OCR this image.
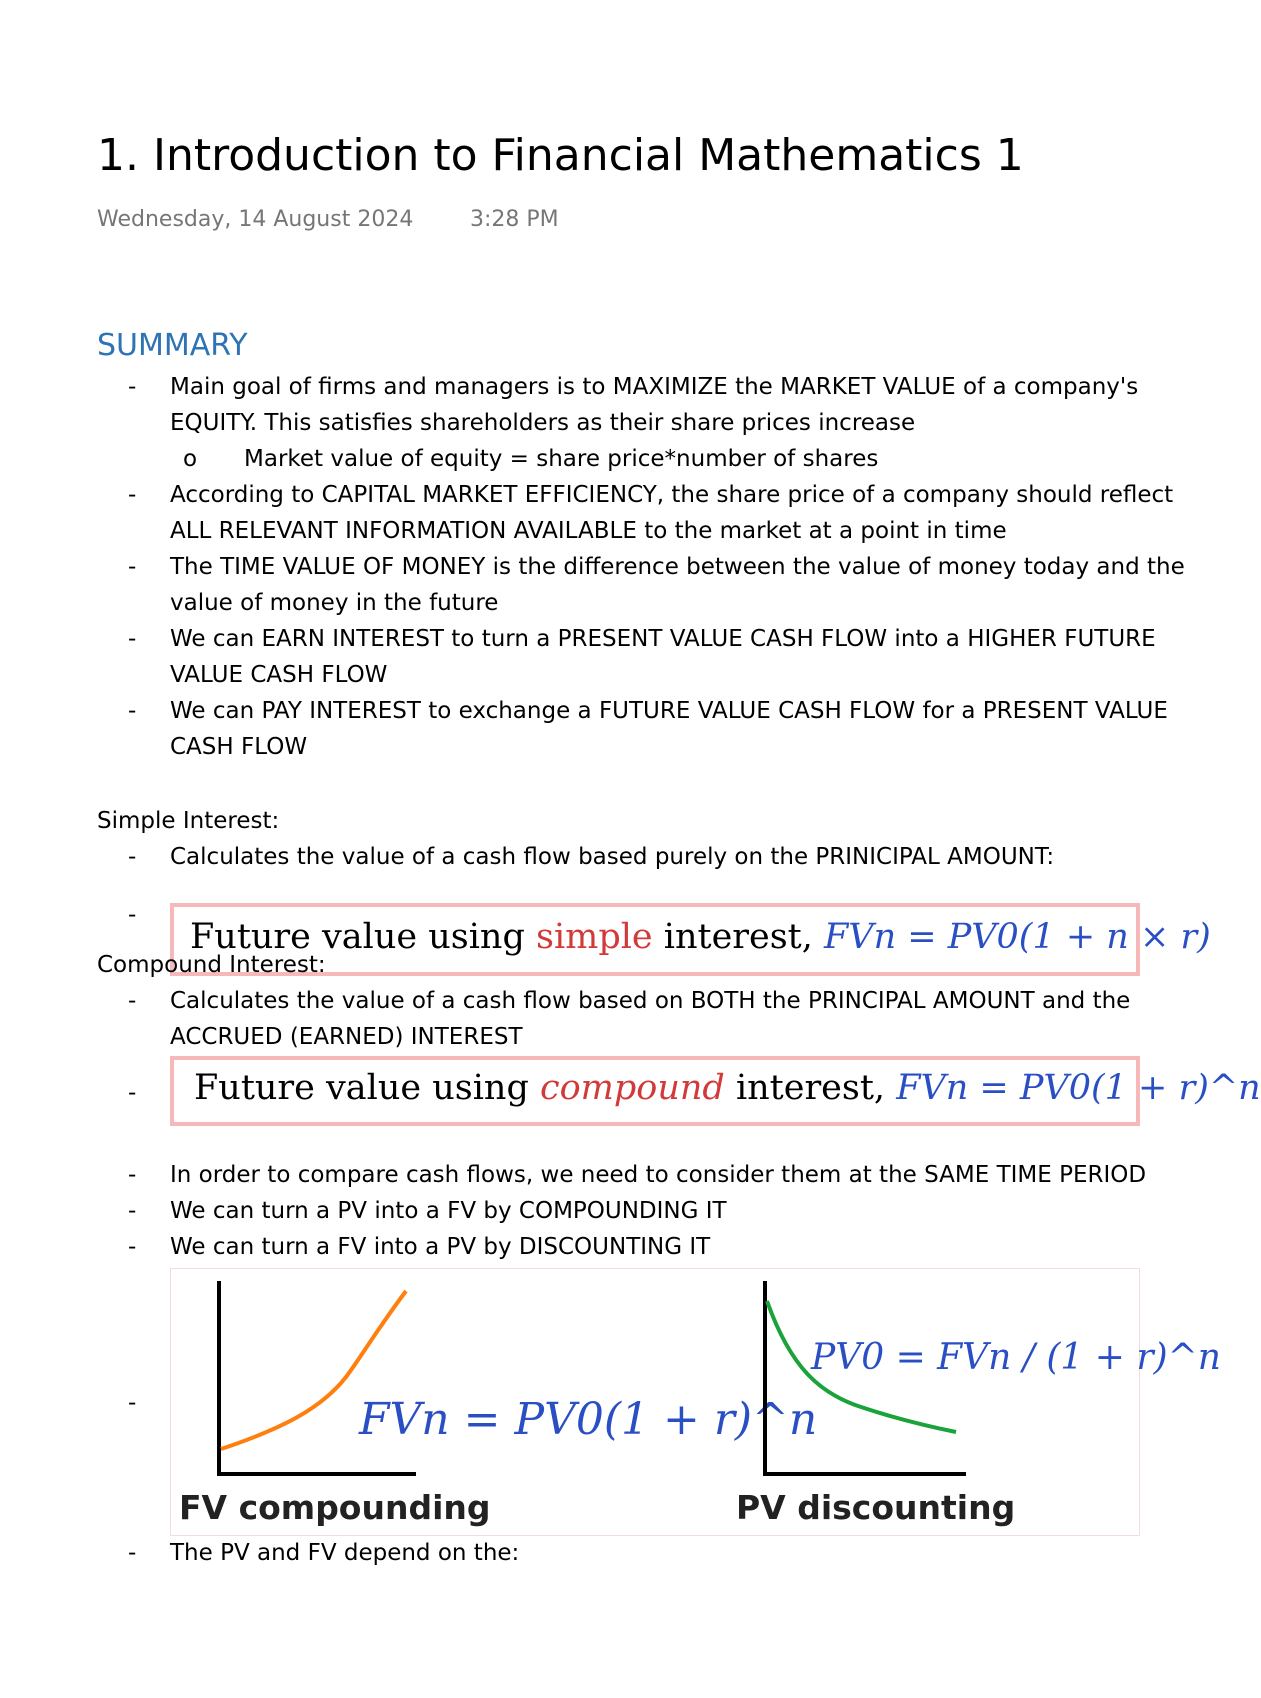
1. Introduction to Financial Mathematics 1
Wednesday, 14 August 2024	3:28 PM
SUMMARY
- Main goal of firms and managers is to MAXIMIZE the MARKET VALUE of a company's
EQUITY. This satisfies shareholders as their share prices increase
o Market value of equity = share price*number of shares
- According to CAPITAL MARKET EFFICIENCY, the share price of a company should reflect
ALL RELEVANT INFORMATION AVAILABLE to the market at a point in time
- The TIME VALUE OF MONEY is the difference between the value of money today and the
value of money in the future
- We can EARN INTEREST to turn a PRESENT VALUE CASH FLOW into a HIGHER FUTURE
VALUE CASH FLOW
- We can PAY INTEREST to exchange a FUTURE VALUE CASH FLOW for a PRESENT VALUE
CASH FLOW
Simple Interest:
- Calculates the value of a cash flow based purely on the PRINICIPAL AMOUNT:
-
Future value using simple interest, FVn = PV0(1 + n × r)
Compound Interest:
- Calculates the value of a cash flow based on BOTH the PRINCIPAL AMOUNT and the
ACCRUED (EARNED) INTEREST
-	Future value using compound interest, FVn = PV0(1 + r)^n
- In order to compare cash flows, we need to consider them at the SAME TIME PERIOD
- We can turn a PV into a FV by COMPOUNDING IT
- We can turn a FV into a PV by DISCOUNTING IT
-	FVn = PV0(1 + r)^n
FV compounding
PV0 = FVn / (1 + r)^n
PV discounting
- The PV and FV depend on the:
